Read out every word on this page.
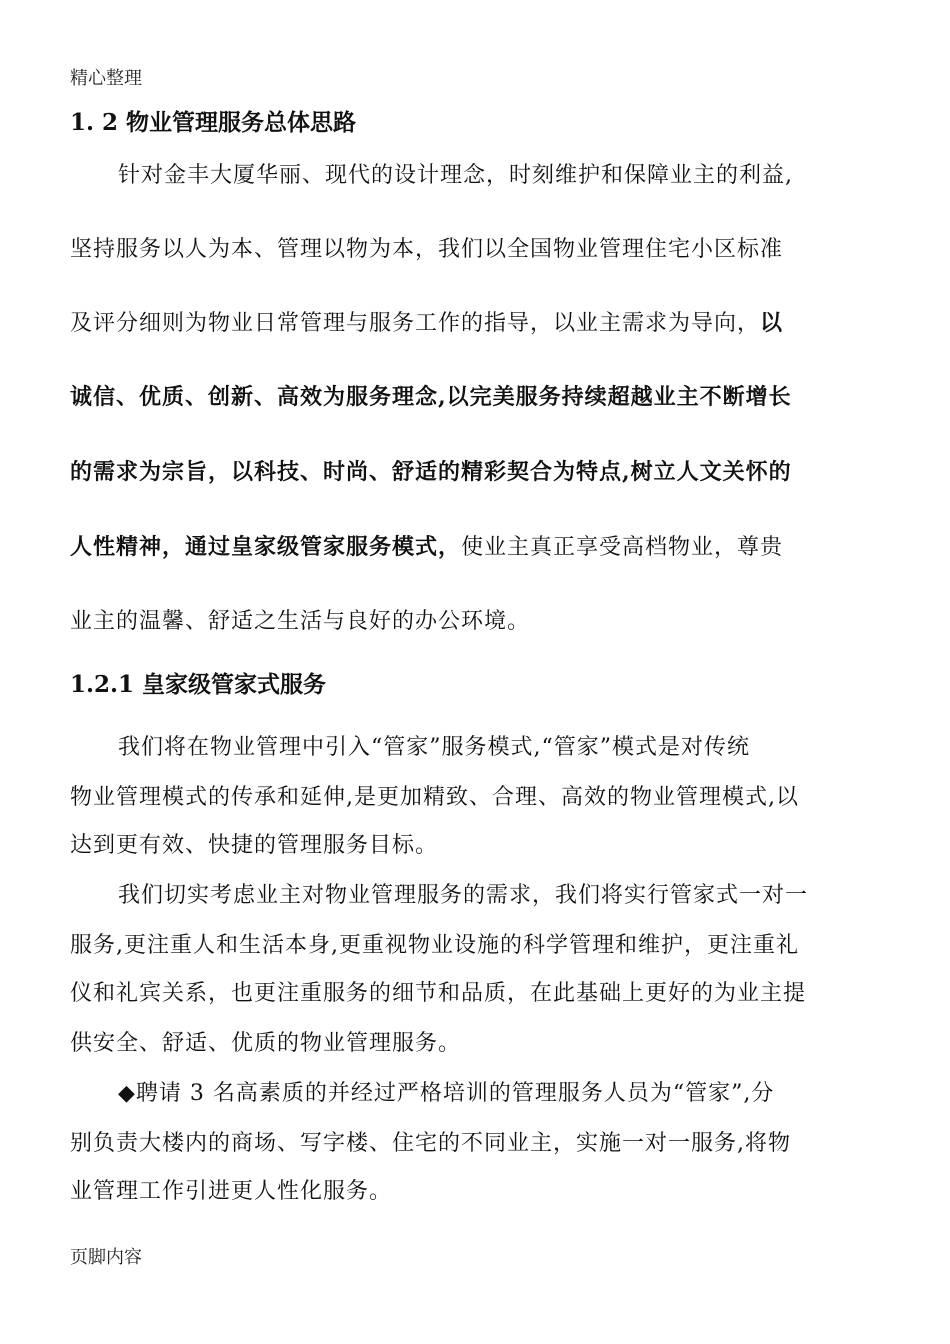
精心整理
1. 2 物业管理服务总体思路
针对金丰大厦华丽、现代的设计理念，时刻维护和保障业主的利益,
坚持服务以人为本、管理以物为本，我们以全国物业管理住宅小区标准
及评分细则为物业日常管理与服务工作的指导，以业主需求为导向，以
诚信、优质、创新、高效为服务理念,以完美服务持续超越业主不断增长
的需求为宗旨，以科技、时尚、舒适的精彩契合为特点,树立人文关怀的
人性精神，通过皇家级管家服务模式，使业主真正享受高档物业，尊贵
业主的温馨、舒适之生活与良好的办公环境。
1.2.1 皇家级管家式服务
我们将在物业管理中引入“管家”服务模式,“管家”模式是对传统
物业管理模式的传承和延伸,是更加精致、合理、高效的物业管理模式,以
达到更有效、快捷的管理服务目标。
我们切实考虑业主对物业管理服务的需求，我们将实行管家式一对一
服务,更注重人和生活本身,更重视物业设施的科学管理和维护，更注重礼
仪和礼宾关系，也更注重服务的细节和品质，在此基础上更好的为业主提
供安全、舒适、优质的物业管理服务。
◆聘请 3 名高素质的并经过严格培训的管理服务人员为“管家”,分
别负责大楼内的商场、写字楼、住宅的不同业主，实施一对一服务,将物
业管理工作引进更人性化服务。
页脚内容
